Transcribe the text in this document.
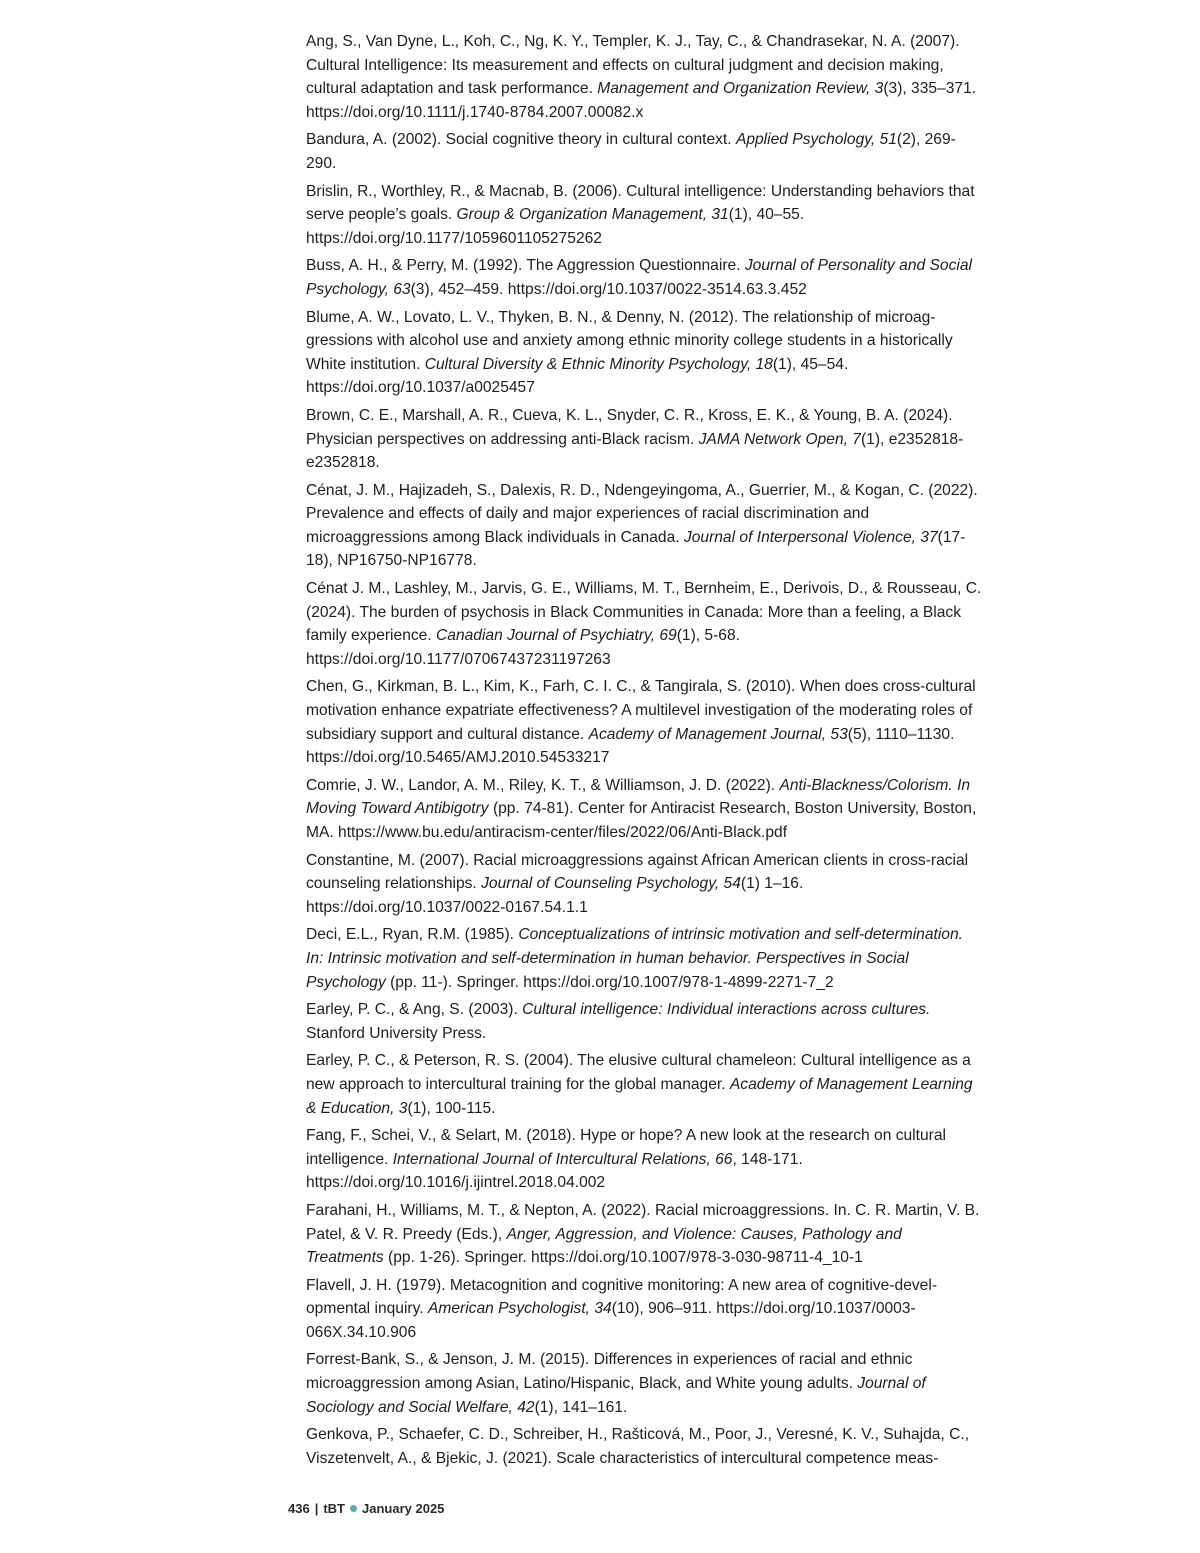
Ang, S., Van Dyne, L., Koh, C., Ng, K. Y., Templer, K. J., Tay, C., & Chandrasekar, N. A. (2007). Cultural Intelligence: Its measurement and effects on cultural judgment and decision making, cultural adaptation and task performance. Management and Organization Review, 3(3), 335–371. https://doi.org/10.1111/j.1740-8784.2007.00082.x

Bandura, A. (2002). Social cognitive theory in cultural context. Applied Psychology, 51(2), 269-290.

Brislin, R., Worthley, R., & Macnab, B. (2006). Cultural intelligence: Understanding behaviors that serve people’s goals. Group & Organization Management, 31(1), 40–55. https://doi.org/10.1177/1059601105275262

Buss, A. H., & Perry, M. (1992). The Aggression Questionnaire. Journal of Personality and Social Psychology, 63(3), 452–459. https://doi.org/10.1037/0022-3514.63.3.452

Blume, A. W., Lovato, L. V., Thyken, B. N., & Denny, N. (2012). The relationship of microaggressions with alcohol use and anxiety among ethnic minority college students in a historically White institution. Cultural Diversity & Ethnic Minority Psychology, 18(1), 45–54. https://doi.org/10.1037/a0025457

Brown, C. E., Marshall, A. R., Cueva, K. L., Snyder, C. R., Kross, E. K., & Young, B. A. (2024). Physician perspectives on addressing anti-Black racism. JAMA Network Open, 7(1), e2352818-e2352818.

Cénat, J. M., Hajizadeh, S., Dalexis, R. D., Ndengeyingoma, A., Guerrier, M., & Kogan, C. (2022). Prevalence and effects of daily and major experiences of racial discrimination and microaggressions among Black individuals in Canada. Journal of Interpersonal Violence, 37(17-18), NP16750-NP16778.

Cénat J. M., Lashley, M., Jarvis, G. E., Williams, M. T., Bernheim, E., Derivois, D., & Rousseau, C. (2024). The burden of psychosis in Black Communities in Canada: More than a feeling, a Black family experience. Canadian Journal of Psychiatry, 69(1), 5-68. https://doi.org/10.1177/07067437231197263

Chen, G., Kirkman, B. L., Kim, K., Farh, C. I. C., & Tangirala, S. (2010). When does cross-cultural motivation enhance expatriate effectiveness? A multilevel investigation of the moderating roles of subsidiary support and cultural distance. Academy of Management Journal, 53(5), 1110–1130. https://doi.org/10.5465/AMJ.2010.54533217

Comrie, J. W., Landor, A. M., Riley, K. T., & Williamson, J. D. (2022). Anti-Blackness/Colorism. In Moving Toward Antibigotry (pp. 74-81). Center for Antiracist Research, Boston University, Boston, MA. https://www.bu.edu/antiracism-center/files/2022/06/Anti-Black.pdf

Constantine, M. (2007). Racial microaggressions against African American clients in cross-racial counseling relationships. Journal of Counseling Psychology, 54(1) 1–16. https://doi.org/10.1037/0022-0167.54.1.1

Deci, E.L., Ryan, R.M. (1985). Conceptualizations of intrinsic motivation and self-determination. In: Intrinsic motivation and self-determination in human behavior. Perspectives in Social Psychology (pp. 11-). Springer. https://doi.org/10.1007/978-1-4899-2271-7_2

Earley, P. C., & Ang, S. (2003). Cultural intelligence: Individual interactions across cultures. Stanford University Press.

Earley, P. C., & Peterson, R. S. (2004). The elusive cultural chameleon: Cultural intelligence as a new approach to intercultural training for the global manager. Academy of Management Learning & Education, 3(1), 100-115.

Fang, F., Schei, V., & Selart, M. (2018). Hype or hope? A new look at the research on cultural intelligence. International Journal of Intercultural Relations, 66, 148-171. https://doi.org/10.1016/j.ijintrel.2018.04.002

Farahani, H., Williams, M. T., & Nepton, A. (2022). Racial microaggressions. In. C. R. Martin, V. B. Patel, & V. R. Preedy (Eds.), Anger, Aggression, and Violence: Causes, Pathology and Treatments (pp. 1-26). Springer. https://doi.org/10.1007/978-3-030-98711-4_10-1

Flavell, J. H. (1979). Metacognition and cognitive monitoring: A new area of cognitive-developmental inquiry. American Psychologist, 34(10), 906–911. https://doi.org/10.1037/0003-066X.34.10.906

Forrest-Bank, S., & Jenson, J. M. (2015). Differences in experiences of racial and ethnic microaggression among Asian, Latino/Hispanic, Black, and White young adults. Journal of Sociology and Social Welfare, 42(1), 141–161.

Genkova, P., Schaefer, C. D., Schreiber, H., Rašticová, M., Poor, J., Veresné, K. V., Suhajda, C., Viszetenvelt, A., & Bjekic, J. (2021). Scale characteristics of intercultural competence meas-

436 | tBT January 2025
